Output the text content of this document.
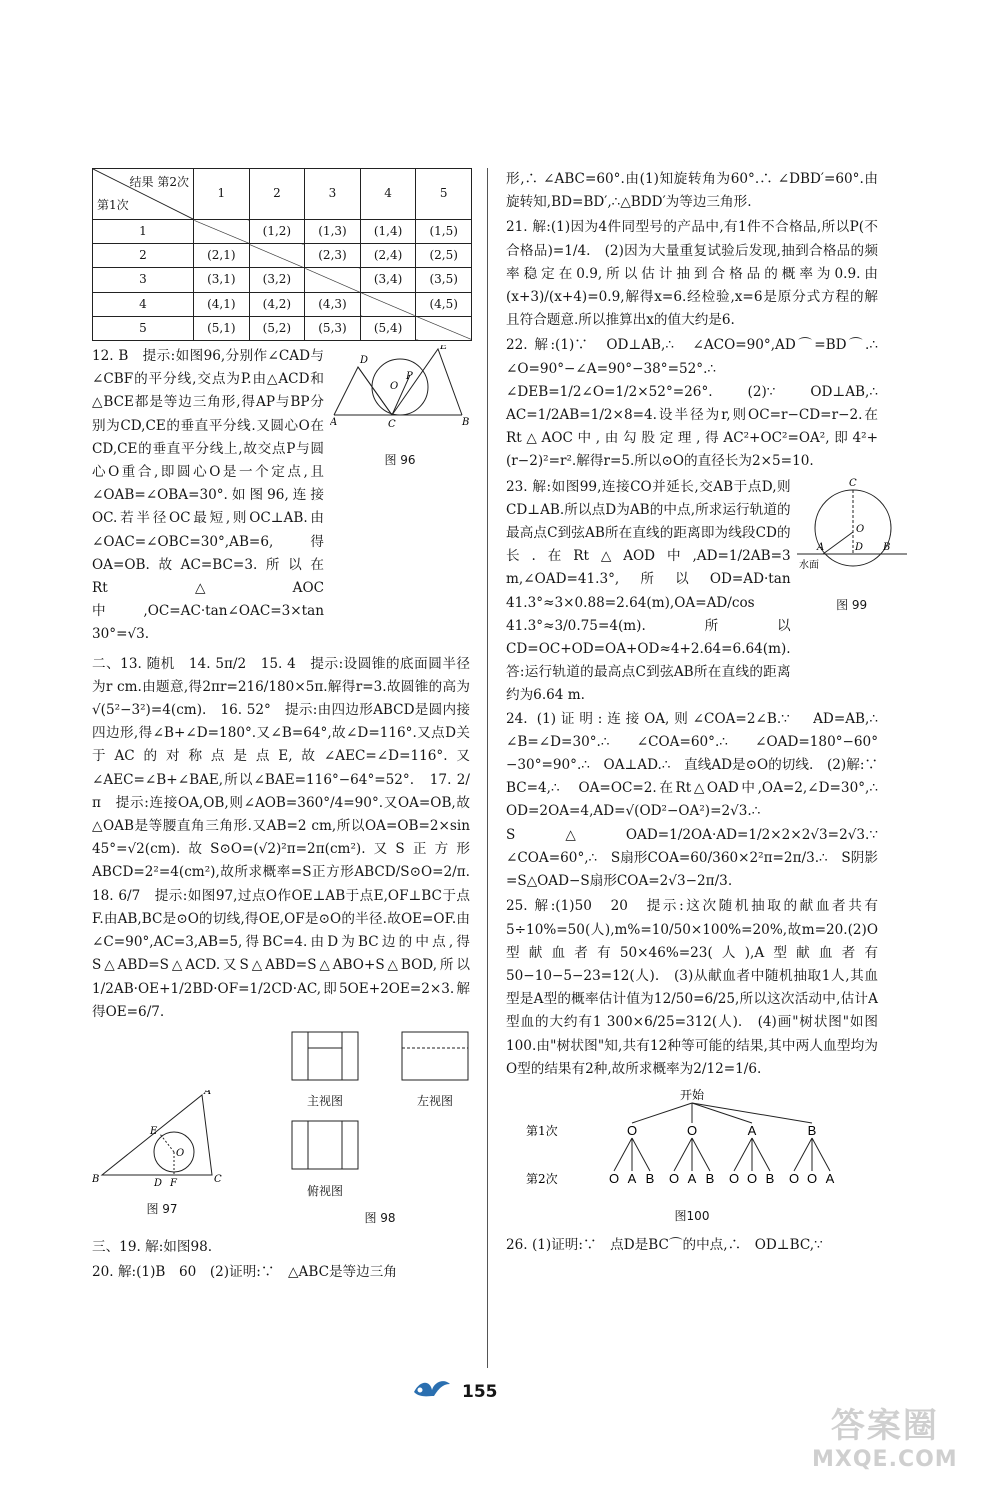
结果 第2次
第1次	1	2	3	4	5
1		(1,2)	(1,3)	(1,4)	(1,5)
2	(2,1)		(2,3)	(2,4)	(2,5)
3	(3,1)	(3,2)		(3,4)	(3,5)
4	(4,1)	(4,2)	(4,3)		(4,5)
5	(5,1)	(5,2)	(5,3)	(5,4)	
12. B　提示:如图96,分别作∠CAD与∠CBF的平分线,交点为P.由△ACD和△BCE都是等边三角形,得AP与BP分别为CD,CE的垂直平分线.又圆心O在CD,CE的垂直平分线上,故交点P与圆心O重合,即圆心O是一个定点,且∠OAB=∠OBA=30°.如图96,连接OC.若半径OC最短,则OC⊥AB.由∠OAC=∠OBC=30°,AB=6,得OA=OB.故AC=BC=3.所以在Rt△AOC中,OC=AC·tan∠OAC=3×tan 30°=√3.
D
E
P
O
A	C	B
图 96

二、13. 随机　14. 5π/2　15. 4　提示:设圆锥的底面圆半径为r cm.由题意,得2πr=216/180×5π.解得r=3.故圆锥的高为√(5²−3²)=4(cm).　16. 52°　提示:由四边形ABCD是圆内接四边形,得∠B+∠D=180°.又∠B=64°,故∠D=116°.又点D关于AC的对称点是点E,故∠AEC=∠D=116°.又∠AEC=∠B+∠BAE,所以∠BAE=116°−64°=52°.　17. 2/π　提示:连接OA,OB,则∠AOB=360°/4=90°.又OA=OB,故△OAB是等腰直角三角形.又AB=2 cm,所以OA=OB=2×sin 45°=√2(cm).故S⊙O=(√2)²π=2π(cm²).又S正方形ABCD=2²=4(cm²),故所求概率=S正方形ABCD/S⊙O=2/π.　18. 6/7　提示:如图97,过点O作OE⊥AB于点E,OF⊥BC于点F.由AB,BC是⊙O的切线,得OE,OF是⊙O的半径.故OE=OF.由∠C=90°,AC=3,AB=5,得BC=4.由D为BC边的中点,得S△ABD=S△ACD.又S△ABD=S△ABO+S△BOD,所以1/2AB·OE+1/2BD·OF=1/2CD·AC,即5OE+2OE=2×3.解得OE=6/7.

B
A
C
O
E
D F
图 97
主视图	左视图
俯视图
图 98

三、19. 解:如图98.

20. 解:(1)B　60　(2)证明:∵　△ABC是等边三角

形,∴ ∠ABC=60°.由(1)知旋转角为60°.∴ ∠DBD′=60°.由旋转知,BD=BD′,∴△BDD′为等边三角形.

21. 解:(1)因为4件同型号的产品中,有1件不合格品,所以P(不合格品)=1/4.　(2)因为大量重复试验后发现,抽到合格品的频率稳定在0.9,所以估计抽到合格品的概率为0.9.由(x+3)/(x+4)=0.9,解得x=6.经检验,x=6是原分式方程的解且符合题意.所以推算出x的值大约是6.

22. 解:(1)∵　OD⊥AB,∴　∠ACO=90°,AD⌒=BD⌒.∴　∠O=90°−∠A=90°−38°=52°.∴　∠DEB=1/2∠O=1/2×52°=26°.　(2)∵　OD⊥AB,∴　AC=1/2AB=1/2×8=4.设半径为r,则OC=r−CD=r−2.在Rt△AOC中,由勾股定理,得AC²+OC²=OA²,即4²+(r−2)²=r².解得r=5.所以⊙O的直径长为2×5=10.

23. 解:如图99,连接CO并延长,交AB于点D,则CD⊥AB.所以点D为AB的中点,所求运行轨道的最高点C到弦AB所在直线的距离即为线段CD的长.在Rt△AOD中,AD=1/2AB=3 m,∠OAD=41.3°,所以OD=AD·tan 41.3°≈3×0.88=2.64(m),OA=AD/cos 41.3°≈3/0.75=4(m).所以CD=OC+OD=OA+OD≈4+2.64=6.64(m).答:运行轨道的最高点C到弦AB所在直线的距离约为6.64 m.
C
O
A	D B
水面
图 99

24. (1)证明:连接OA,则∠COA=2∠B.∵　AD=AB,∴　∠B=∠D=30°.∴　∠COA=60°.∴　∠OAD=180°−60°−30°=90°.∴　OA⊥AD.∴　直线AD是⊙O的切线.　(2)解:∵　BC=4,∴　OA=OC=2.在Rt△OAD中,OA=2,∠D=30°,∴　OD=2OA=4,AD=√(OD²−OA²)=2√3.∴　S△OAD=1/2OA·AD=1/2×2×2√3=2√3.∵　∠COA=60°,∴　S扇形COA=60/360×2²π=2π/3.∴　S阴影=S△OAD−S扇形COA=2√3−2π/3.

25. 解:(1)50　20　提示:这次随机抽取的献血者共有5÷10%=50(人),m%=10/50×100%=20%,故m=20.(2)O型献血者有50×46%=23(人),A型献血者有50−10−5−23=12(人).　(3)从献血者中随机抽取1人,其血型是A型的概率估计值为12/50=6/25,所以这次活动中,估计A型血的大约有1 300×6/25=312(人).　(4)画"树状图"如图100.由"树状图"知,共有12种等可能的结果,其中两人血型均为O型的结果有2种,故所求概率为2/12=1/6.

开始
第1次
第2次
O
O A B
O
O A B
A
O O B
B
O O A
图100

26. (1)证明:∵　点D是BC⌒的中点,∴　OD⊥BC,∵

155
答案圈
MXQE.COM
